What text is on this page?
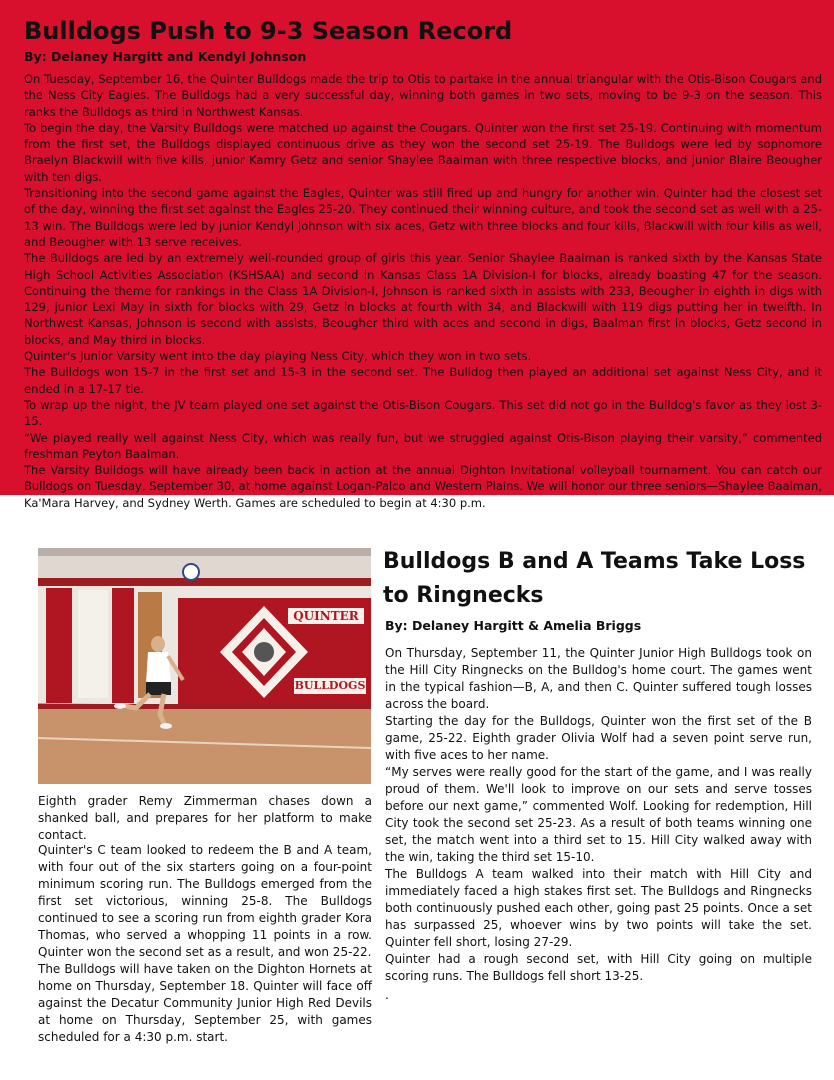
Bulldogs Push to 9-3 Season Record
By: Delaney Hargitt and Kendyl Johnson

On Tuesday, September 16, the Quinter Bulldogs made the trip to Otis to partake in the annual triangular with the Otis-Bison Cougars and the Ness City Eagles. The Bulldogs had a very successful day, winning both games in two sets, moving to be 9-3 on the season. This ranks the Bulldogs as third in Northwest Kansas.

To begin the day, the Varsity Bulldogs were matched up against the Cougars. Quinter won the first set 25-19. Continuing with momentum from the first set, the Bulldogs displayed continuous drive as they won the second set 25-19. The Bulldogs were led by sophomore Braelyn Blackwill with five kills, junior Kamry Getz and senior Shaylee Baalman with three respective blocks, and junior Blaire Beougher with ten digs.

Transitioning into the second game against the Eagles, Quinter was still fired up and hungry for another win. Quinter had the closest set of the day, winning the first set against the Eagles 25-20. They continued their winning culture, and took the second set as well with a 25-13 win. The Bulldogs were led by junior Kendyl Johnson with six aces, Getz with three blocks and four kills, Blackwill with four kills as well, and Beougher with 13 serve receives.

The Bulldogs are led by an extremely well-rounded group of girls this year. Senior Shaylee Baalman is ranked sixth by the Kansas State High School Activities Association (KSHSAA) and second in Kansas Class 1A Division-I for blocks, already boasting 47 for the season. Continuing the theme for rankings in the Class 1A Division-I, Johnson is ranked sixth in assists with 233, Beougher in eighth in digs with 129, junior Lexi May in sixth for blocks with 29, Getz in blocks at fourth with 34, and Blackwill with 119 digs putting her in twelfth. In Northwest Kansas, Johnson is second with assists, Beougher third with aces and second in digs, Baalman first in blocks, Getz second in blocks, and May third in blocks.

Quinter's Junior Varsity went into the day playing Ness City, which they won in two sets.

The Bulldogs won 15-7 in the first set and 15-3 in the second set. The Bulldog then played an additional set against Ness City, and it ended in a 17-17 tie.

To wrap up the night, the JV team played one set against the Otis-Bison Cougars. This set did not go in the Bulldog's favor as they lost 3-15.

“We played really well against Ness City, which was really fun, but we struggled against Otis-Bison playing their varsity,” commented freshman Peyton Baalman.

The Varsity Bulldogs will have already been back in action at the annual Dighton Invitational volleyball tournament. You can catch our Bulldogs on Tuesday, September 30, at home against Logan-Palco and Western Plains. We will honor our three seniors—Shaylee Baalman, Ka'Mara Harvey, and Sydney Werth. Games are scheduled to begin at 4:30 p.m.

QUINTER
BULLDOGS
Eighth grader Remy Zimmerman chases down a shanked ball, and prepares for her platform to make contact.

Quinter's C team looked to redeem the B and A team, with four out of the six starters going on a four-point minimum scoring run. The Bulldogs emerged from the first set victorious, winning 25-8. The Bulldogs continued to see a scoring run from eighth grader Kora Thomas, who served a whopping 11 points in a row. Quinter won the second set as a result, and won 25-22.

The Bulldogs will have taken on the Dighton Hornets at home on Thursday, September 18. Quinter will face off against the Decatur Community Junior High Red Devils at home on Thursday, September 25, with games scheduled for a 4:30 p.m. start.

Bulldogs B and A Teams Take Loss to Ringnecks
By: Delaney Hargitt & Amelia Briggs

On Thursday, September 11, the Quinter Junior High Bulldogs took on the Hill City Ringnecks on the Bulldog's home court. The games went in the typical fashion—B, A, and then C. Quinter suffered tough losses across the board.

Starting the day for the Bulldogs, Quinter won the first set of the B game, 25-22. Eighth grader Olivia Wolf had a seven point serve run, with five aces to her name.

“My serves were really good for the start of the game, and I was really proud of them. We'll look to improve on our sets and serve tosses before our next game,” commented Wolf. Looking for redemption, Hill City took the second set 25-23. As a result of both teams winning one set, the match went into a third set to 15. Hill City walked away with the win, taking the third set 15-10.

The Bulldogs A team walked into their match with Hill City and immediately faced a high stakes first set. The Bulldogs and Ringnecks both continuously pushed each other, going past 25 points. Once a set has surpassed 25, whoever wins by two points will take the set. Quinter fell short, losing 27-29.

Quinter had a rough second set, with Hill City going on multiple scoring runs. The Bulldogs fell short 13-25.

.
